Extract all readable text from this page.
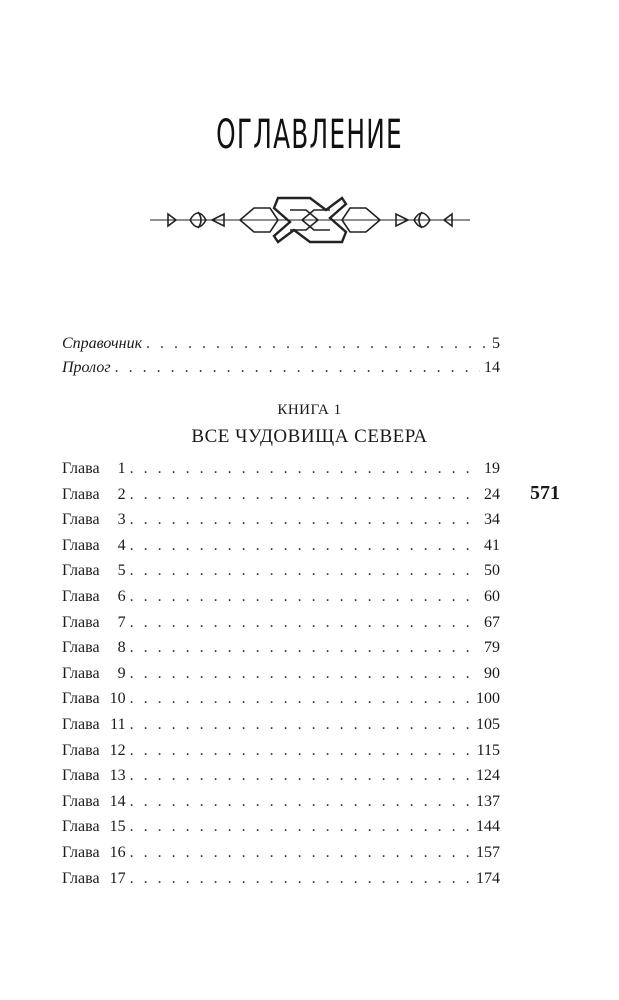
ОГЛАВЛЕНИЕ
Справочник . . .	5
Пролог . . .	14
КНИГА 1
ВСЕ ЧУДОВИЩА СЕВЕРА
Глава	1 . . .	19
Глава	2 . . .	24
Глава	3 . . .	34
Глава	4 . . .	41
Глава	5 . . .	50
Глава	6 . . .	60
Глава	7 . . .	67
Глава	8 . . .	79
Глава	9 . . .	90
Глава 10 . . .	100
Глава 11 . . .	105
Глава 12 . . .	115
Глава 13 . . .	124
Глава 14 . . .	137
Глава 15 . . .	144
Глава 16 . . .	157
Глава 17 . . .	174
571
